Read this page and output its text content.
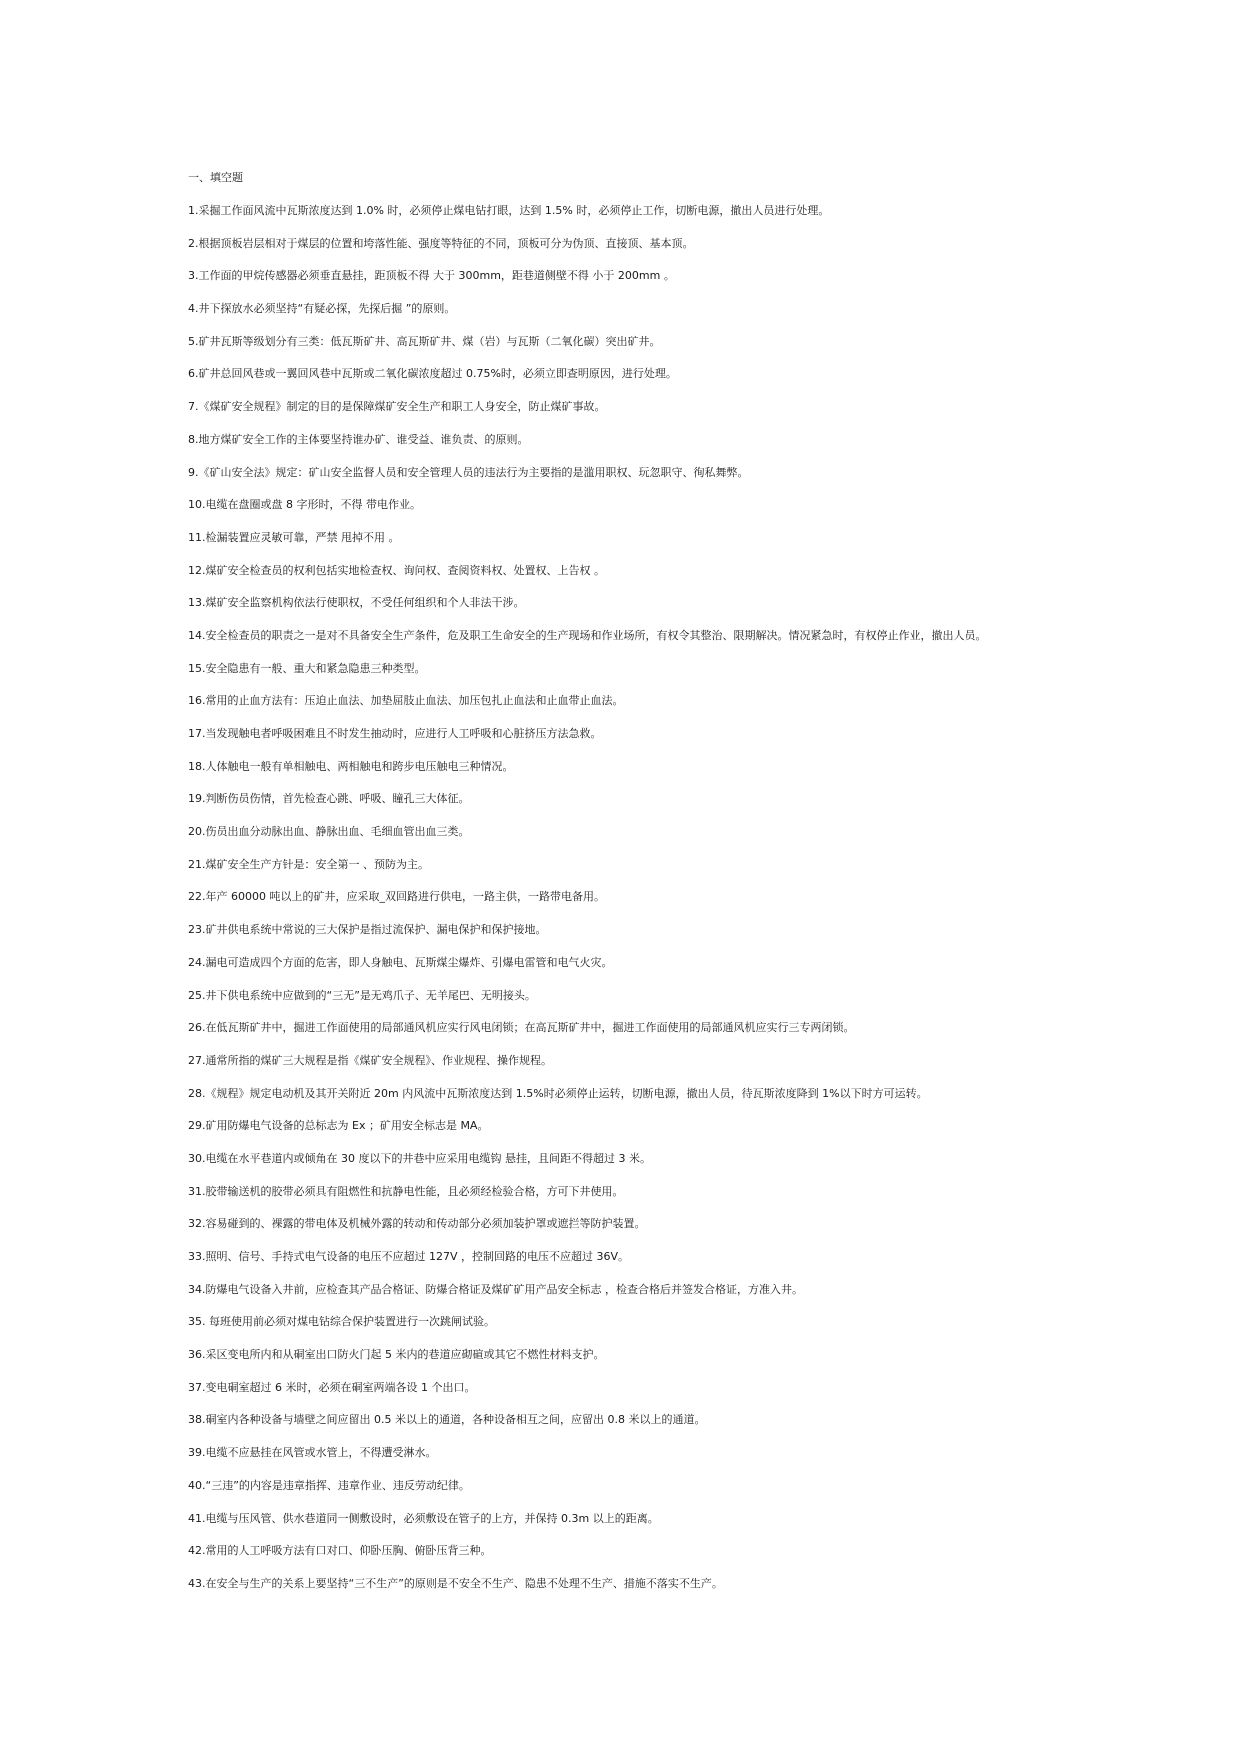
一、填空题
1.采掘工作面风流中瓦斯浓度达到 1.0% 时，必须停止煤电钻打眼，达到 1.5% 时，必须停止工作，切断电源，撤出人员进行处理。
2.根据顶板岩层相对于煤层的位置和垮落性能、强度等特征的不同，顶板可分为伪顶、直接顶、基本顶。
3.工作面的甲烷传感器必须垂直悬挂，距顶板不得 大于 300mm，距巷道侧壁不得 小于 200mm 。
4.井下探放水必须坚持“有疑必探，先探后掘 ”的原则。
5.矿井瓦斯等级划分有三类：低瓦斯矿井、高瓦斯矿井、煤（岩）与瓦斯（二氧化碳）突出矿井。
6.矿井总回风巷或一翼回风巷中瓦斯或二氧化碳浓度超过 0.75%时，必须立即查明原因，进行处理。
7.《煤矿安全规程》制定的目的是保障煤矿安全生产和职工人身安全，防止煤矿事故。
8.地方煤矿安全工作的主体要坚持谁办矿、谁受益、谁负责、的原则。
9.《矿山安全法》规定：矿山安全监督人员和安全管理人员的违法行为主要指的是滥用职权、玩忽职守、徇私舞弊。
10.电缆在盘圈或盘 8 字形时，不得 带电作业。
11.检漏装置应灵敏可靠，严禁 甩掉不用 。
12.煤矿安全检查员的权利包括实地检查权、询问权、查阅资料权、处置权、上告权 。
13.煤矿安全监察机构依法行使职权，不受任何组织和个人非法干涉。
14.安全检查员的职责之一是对不具备安全生产条件，危及职工生命安全的生产现场和作业场所，有权令其整治、限期解决。情况紧急时，有权停止作业，撤出人员。
15.安全隐患有一般、重大和紧急隐患三种类型。
16.常用的止血方法有：压迫止血法、加垫屈肢止血法、加压包扎止血法和止血带止血法。
17.当发现触电者呼吸困难且不时发生抽动时，应进行人工呼吸和心脏挤压方法急救。
18.人体触电一般有单相触电、两相触电和跨步电压触电三种情况。
19.判断伤员伤情，首先检查心跳、呼吸、瞳孔三大体征。
20.伤员出血分动脉出血、静脉出血、毛细血管出血三类。
21.煤矿安全生产方针是：安全第一 、预防为主。
22.年产 60000 吨以上的矿井，应采取_双回路进行供电，一路主供，一路带电备用。
23.矿井供电系统中常说的三大保护是指过流保护、漏电保护和保护接地。
24.漏电可造成四个方面的危害，即人身触电、瓦斯煤尘爆炸、引爆电雷管和电气火灾。
25.井下供电系统中应做到的“三无”是无鸡爪子、无羊尾巴、无明接头。
26.在低瓦斯矿井中，掘进工作面使用的局部通风机应实行风电闭锁；在高瓦斯矿井中，掘进工作面使用的局部通风机应实行三专两闭锁。
27.通常所指的煤矿三大规程是指《煤矿安全规程》、作业规程、操作规程。
28.《规程》规定电动机及其开关附近 20m 内风流中瓦斯浓度达到 1.5%时必须停止运转，切断电源，撤出人员，待瓦斯浓度降到 1%以下时方可运转。
29.矿用防爆电气设备的总标志为 Ex ；矿用安全标志是 MA。
30.电缆在水平巷道内或倾角在 30 度以下的井巷中应采用电缆钩 悬挂，且间距不得超过 3 米。
31.胶带输送机的胶带必须具有阻燃性和抗静电性能，且必须经检验合格，方可下井使用。
32.容易碰到的、裸露的带电体及机械外露的转动和传动部分必须加装护罩或遮拦等防护装置。
33.照明、信号、手持式电气设备的电压不应超过 127V ，控制回路的电压不应超过 36V。
34.防爆电气设备入井前，应检查其产品合格证、防爆合格证及煤矿矿用产品安全标志 ，检查合格后并签发合格证，方准入井。
35. 每班使用前必须对煤电钻综合保护装置进行一次跳闸试验。
36.采区变电所内和从硐室出口防火门起 5 米内的巷道应砌碹或其它不燃性材料支护。
37.变电硐室超过 6 米时，必须在硐室两端各设 1 个出口。
38.硐室内各种设备与墙壁之间应留出 0.5 米以上的通道，各种设备相互之间，应留出 0.8 米以上的通道。
39.电缆不应悬挂在风管或水管上，不得遭受淋水。
40.“三违”的内容是违章指挥、违章作业、违反劳动纪律。
41.电缆与压风管、供水巷道同一侧敷设时，必须敷设在管子的上方，并保持 0.3m 以上的距离。
42.常用的人工呼吸方法有口对口、仰卧压胸、俯卧压背三种。
43.在安全与生产的关系上要坚持“三不生产”的原则是不安全不生产、隐患不处理不生产、措施不落实不生产。
